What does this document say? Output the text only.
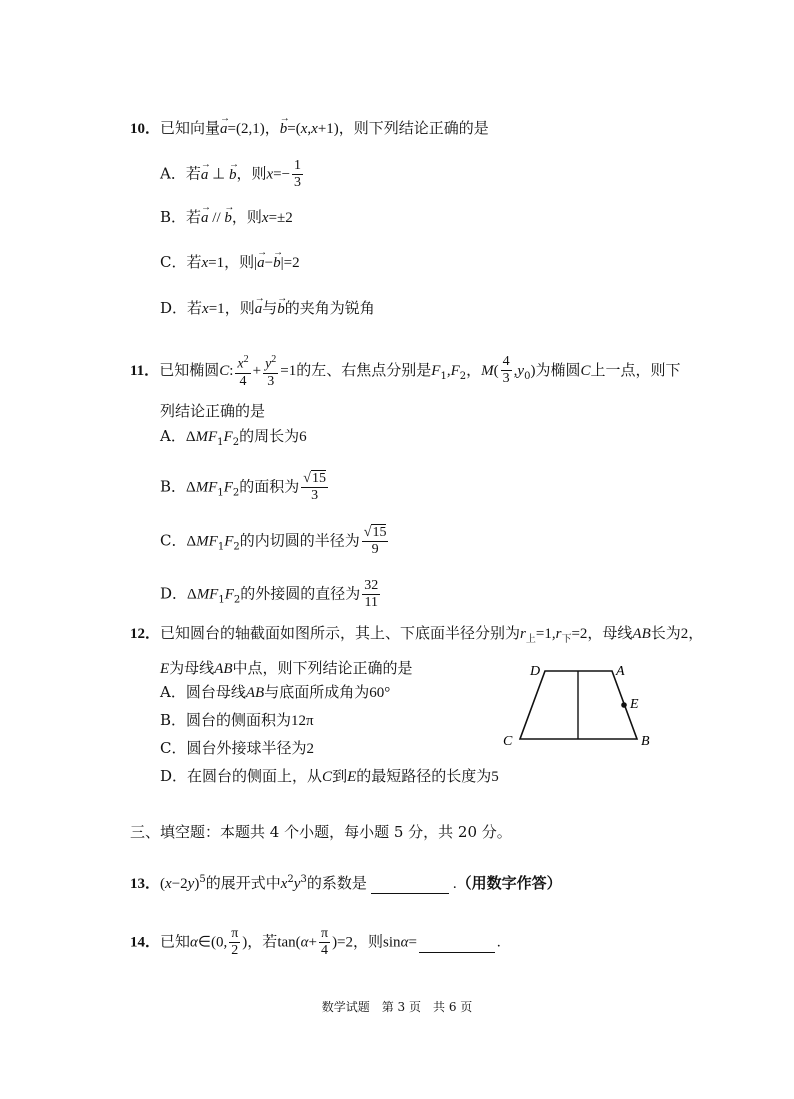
10．已知向量→ a=(2,1)，→ b=(x,x+1)，则下列结论正确的是
A．若→ a ⊥ → b，则$x=- \frac{1}{3}$
B．若→ a // → b，则x=±2
C．若x=1，则|→ a−→ b|=2
D．若x=1，则→ a与→ b的夹角为锐角
11．已知椭圆C: $\frac{x^2}{4} + \frac{y^2}{3} =1$的左、右焦点分别是$F_1,F_2$，$M( \frac{4}{3} ,y_0)$为椭圆C上一点，则下
列结论正确的是
A．$\Delta MF_1F_2$的周长为6
B．$\Delta MF_1F_2$的面积为 $\frac{√15}{3}$
C．$\Delta MF_1F_2$的内切圆的半径为 $\frac{√15}{9}$
D．$\Delta MF_1F_2$的外接圆的直径为 $\frac{32}{11}$
12．已知圆台的轴截面如图所示，其上、下底面半径分别为$r_上=1,r_下=2$，母线AB长为2，
E为母线AB中点，则下列结论正确的是
A．圆台母线AB与底面所成角为60°
B．圆台的侧面积为12π
C．圆台外接球半径为2
D．在圆台的侧面上，从C到E的最短路径的长度为5
D	A
E
C	B
三、填空题：本题共 4 个小题，每小题 5 分，共 20 分。
13．$(x-2y)^5$的展开式中$x^2y^3$的系数是	.（用数字作答）
14．已知α∈(0, $\frac{\pi}{2}$ )，若$\tan(\alpha+ \frac{\pi}{4} )=2$，则sinα=	.
数学试题　第 3 页　共 6 页
